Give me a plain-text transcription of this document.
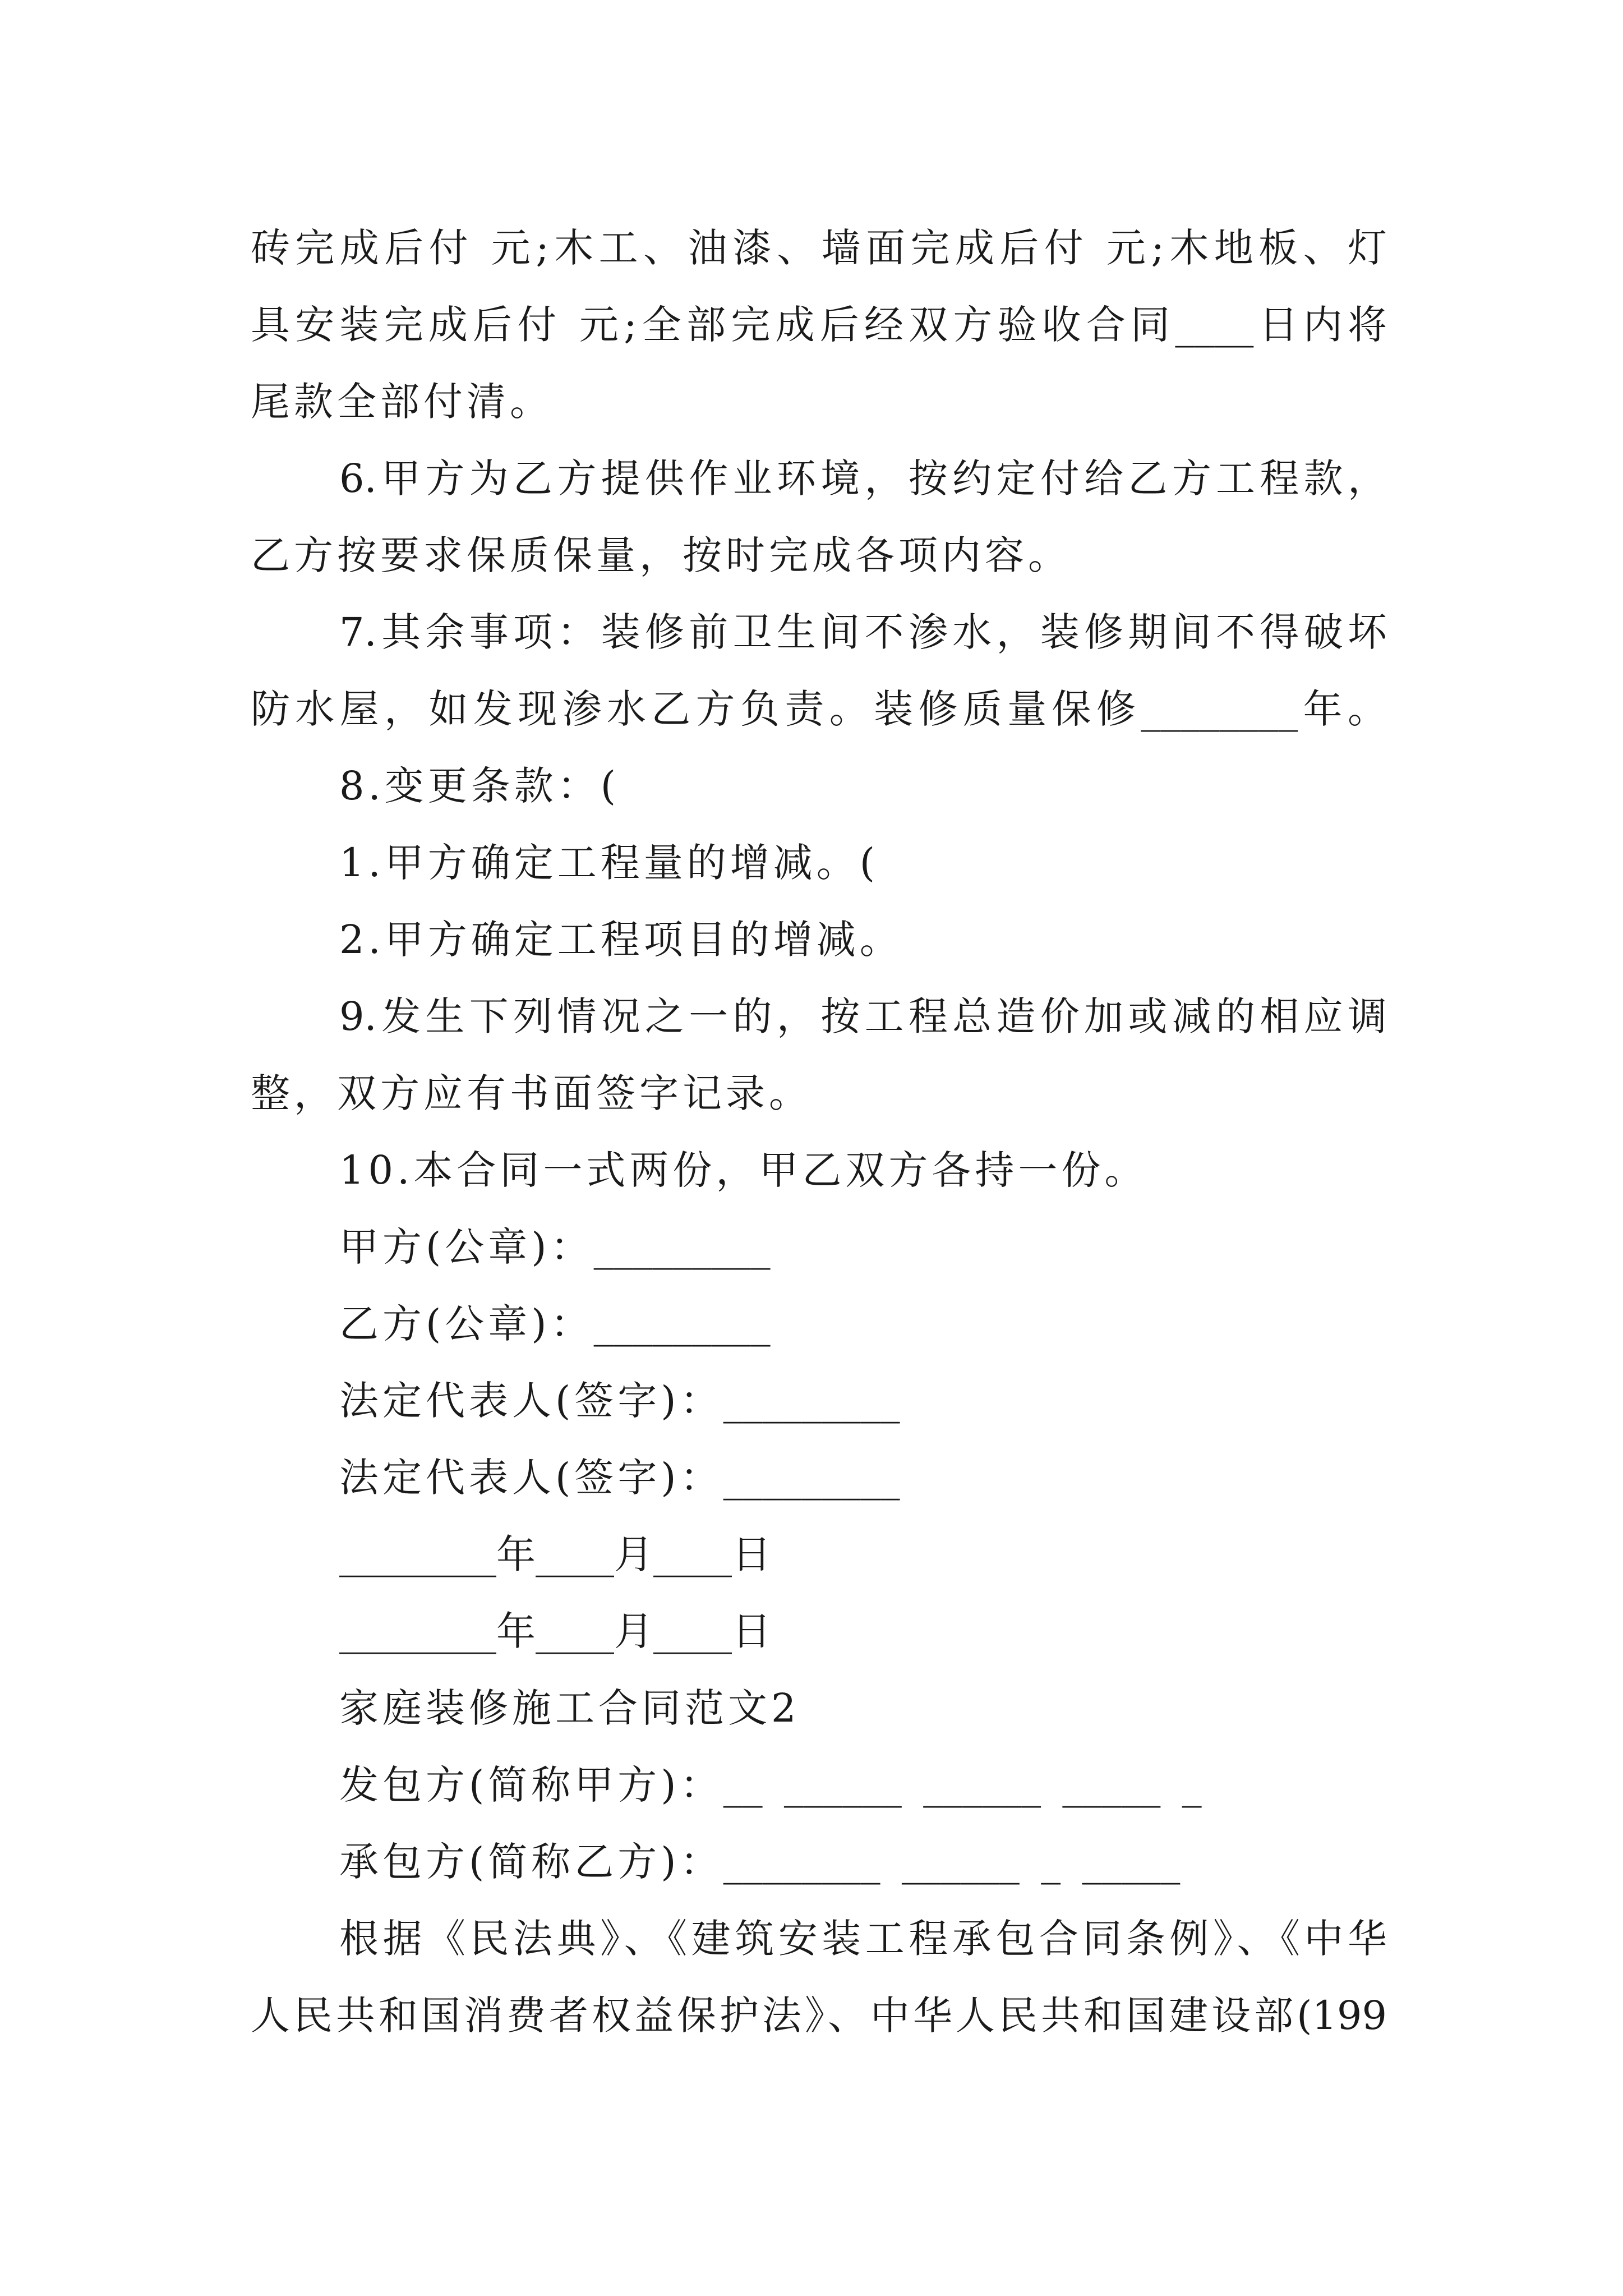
砖完成后付 元;木工、油漆、墙面完成后付 元;木地板、灯
具安装完成后付 元;全部完成后经双方验收合同____日内将
尾款全部付清。
6.甲方为乙方提供作业环境，按约定付给乙方工程款，
乙方按要求保质保量，按时完成各项内容。
7.其余事项：装修前卫生间不渗水，装修期间不得破坏
防水屋，如发现渗水乙方负责。装修质量保修________年。
8.变更条款：(
1.甲方确定工程量的增减。(
2.甲方确定工程项目的增减。
9.发生下列情况之一的，按工程总造价加或减的相应调
整，双方应有书面签字记录。
10.本合同一式两份，甲乙双方各持一份。
甲方(公章)：_________
乙方(公章)：_________
法定代表人(签字)：_________
法定代表人(签字)：_________
________年____月____日
________年____月____日
家庭装修施工合同范文2
发包方(简称甲方)：__ ______ ______ _____ _
承包方(简称乙方)：________ ______ _ _____
根据《民法典》、《建筑安装工程承包合同条例》、《中华
人民共和国消费者权益保护法》、中华人民共和国建设部(199
